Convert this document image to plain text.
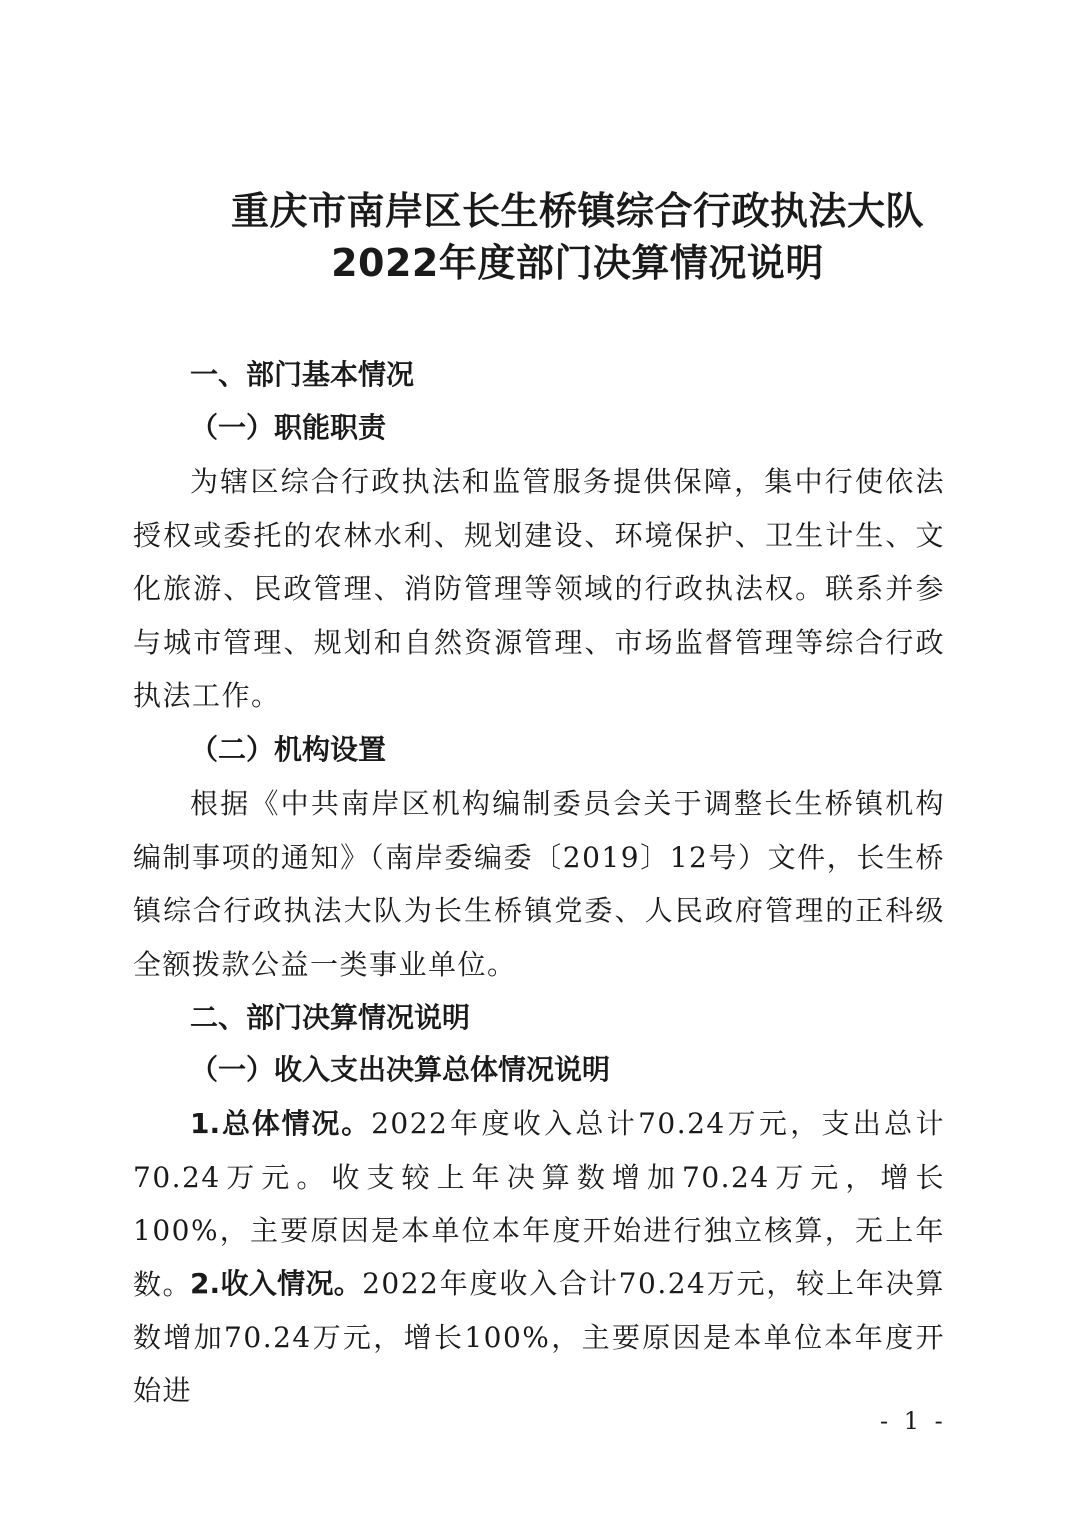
重庆市南岸区长生桥镇综合行政执法大队
2022年度部门决算情况说明
一、部门基本情况
（一）职能职责
为辖区综合行政执法和监管服务提供保障，集中行使依法授权或委托的农林水利、规划建设、环境保护、卫生计生、文化旅游、民政管理、消防管理等领域的行政执法权。联系并参与城市管理、规划和自然资源管理、市场监督管理等综合行政执法工作。
（二）机构设置
根据《中共南岸区机构编制委员会关于调整长生桥镇机构编制事项的通知》（南岸委编委〔2019〕12号）文件，长生桥镇综合行政执法大队为长生桥镇党委、人民政府管理的正科级全额拨款公益一类事业单位。
二、部门决算情况说明
（一）收入支出决算总体情况说明
1.总体情况。2022年度收入总计70.24万元，支出总计70.24万元。收支较上年决算数增加70.24万元，增长100%，主要原因是本单位本年度开始进行独立核算，无上年数。
2.收入情况。2022年度收入合计70.24万元，较上年决算数增加70.24万元，增长100%，主要原因是本单位本年度开始进
- 1 -
